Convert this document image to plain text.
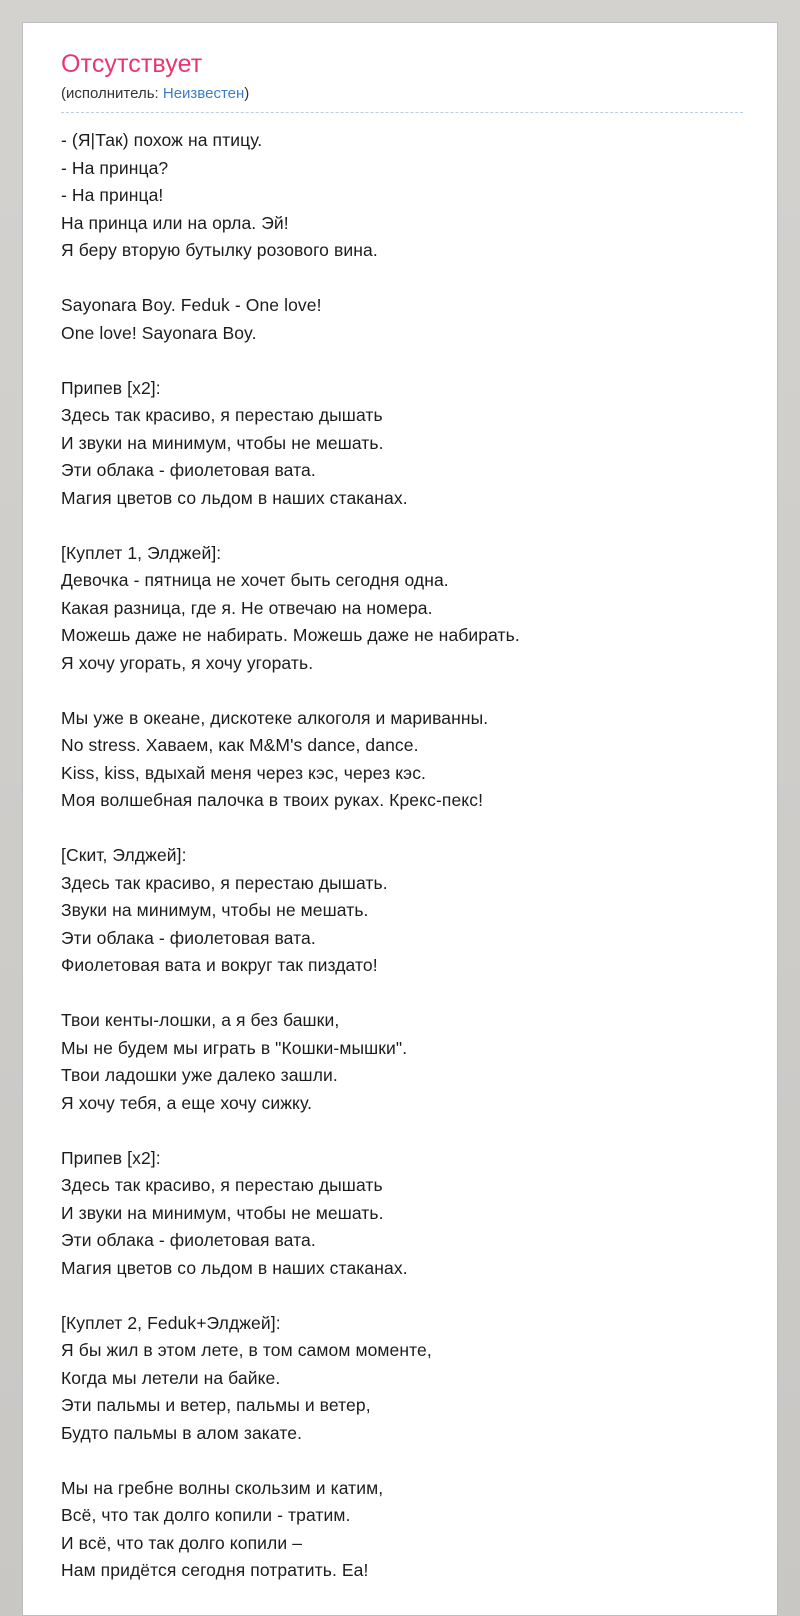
Отсутствует
(исполнитель: Неизвестен)
- (Я|Так) похож на птицу.
- На принца?
- На принца!
На принца или на орла. Эй!
Я беру вторую бутылку розового вина.
Sayonara Boy. Feduk - One love!
One love! Sayonara Boy.
Припев [x2]:
Здесь так красиво, я перестаю дышать
И звуки на минимум, чтобы не мешать.
Эти облака - фиолетовая вата.
Магия цветов со льдом в наших стаканах.
[Куплет 1, Элджей]:
Девочка - пятница не хочет быть сегодня одна.
Какая разница, где я. Не отвечаю на номера.
Можешь даже не набирать. Можешь даже не набирать.
Я хочу угорать, я хочу угорать.
Мы уже в океане, дискотеке алкоголя и мариванны.
No stress. Хаваем, как M&M's dance, dance.
Kiss, kiss, вдыхай меня через кэс, через кэс.
Моя волшебная палочка в твоих руках. Крекс-пекс!
[Скит, Элджей]:
Здесь так красиво, я перестаю дышать.
Звуки на минимум, чтобы не мешать.
Эти облака - фиолетовая вата.
Фиолетовая вата и вокруг так пиздато!
Твои кенты-лошки, а я без башки,
Мы не будем мы играть в "Кошки-мышки".
Твои ладошки уже далеко зашли.
Я хочу тебя, а еще хочу сижку.
Припев [x2]:
Здесь так красиво, я перестаю дышать
И звуки на минимум, чтобы не мешать.
Эти облака - фиолетовая вата.
Магия цветов со льдом в наших стаканах.
[Куплет 2, Feduk+Элджей]:
Я бы жил в этом лете, в том самом моменте,
Когда мы летели на байке.
Эти пальмы и ветер, пальмы и ветер,
Будто пальмы в алом закате.
Мы на гребне волны скользим и катим,
Всё, что так долго копили - тратим.
И всё, что так долго копили –
Нам придётся сегодня потратить. Еа!
